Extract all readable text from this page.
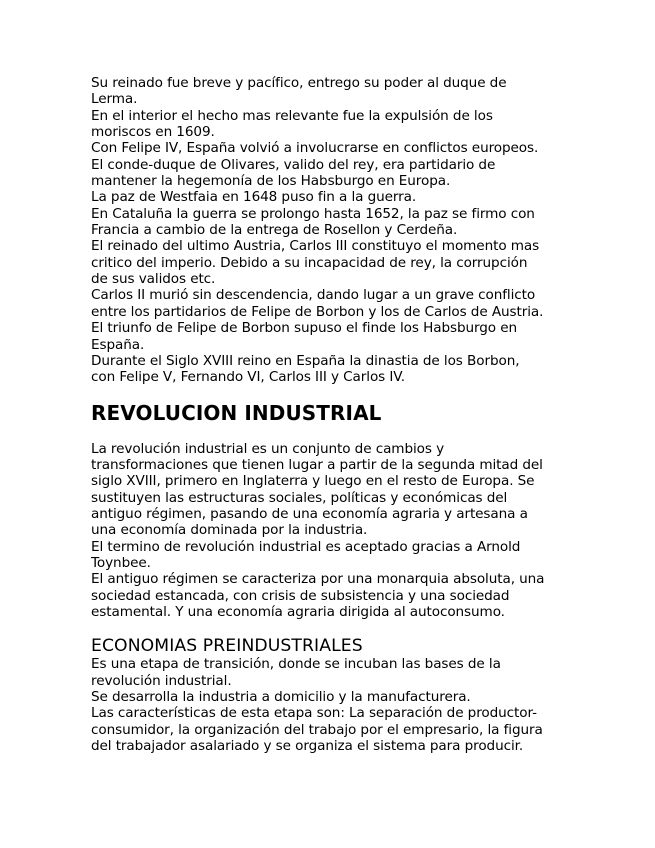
Su reinado fue breve y pacífico, entrego su poder al duque de
Lerma.
En el interior el hecho mas relevante fue la expulsión de los
moriscos en 1609.
Con Felipe IV, España volvió a involucrarse en conflictos europeos.
El conde-duque de Olivares, valido del rey, era partidario de
mantener la hegemonía de los Habsburgo en Europa.
La paz de Westfaia en 1648 puso fin a la guerra.
En Cataluña la guerra se prolongo hasta 1652, la paz se firmo con
Francia a cambio de la entrega de Rosellon y Cerdeña.
El reinado del ultimo Austria, Carlos III constituyo el momento mas
critico del imperio. Debido a su incapacidad de rey, la corrupción
de sus validos etc.
Carlos II murió sin descendencia, dando lugar a un grave conflicto
entre los partidarios de Felipe de Borbon y los de Carlos de Austria.
El triunfo de Felipe de Borbon supuso el finde los Habsburgo en
España.
Durante el Siglo XVIII reino en España la dinastia de los Borbon,
con Felipe V, Fernando VI, Carlos III y Carlos IV.
REVOLUCION INDUSTRIAL
La revolución industrial es un conjunto de cambios y
transformaciones que tienen lugar a partir de la segunda mitad del
siglo XVIII, primero en Inglaterra y luego en el resto de Europa. Se
sustituyen las estructuras sociales, políticas y económicas del
antiguo régimen, pasando de una economía agraria y artesana a
una economía dominada por la industria.
El termino de revolución industrial es aceptado gracias a Arnold
Toynbee.
El antiguo régimen se caracteriza por una monarquia absoluta, una
sociedad estancada, con crisis de subsistencia y una sociedad
estamental. Y una economía agraria dirigida al autoconsumo.
ECONOMIAS PREINDUSTRIALES
Es una etapa de transición, donde se incuban las bases de la
revolución industrial.
Se desarrolla la industria a domicilio y la manufacturera.
Las características de esta etapa son: La separación de productor-
consumidor, la organización del trabajo por el empresario, la figura
del trabajador asalariado y se organiza el sistema para producir.
